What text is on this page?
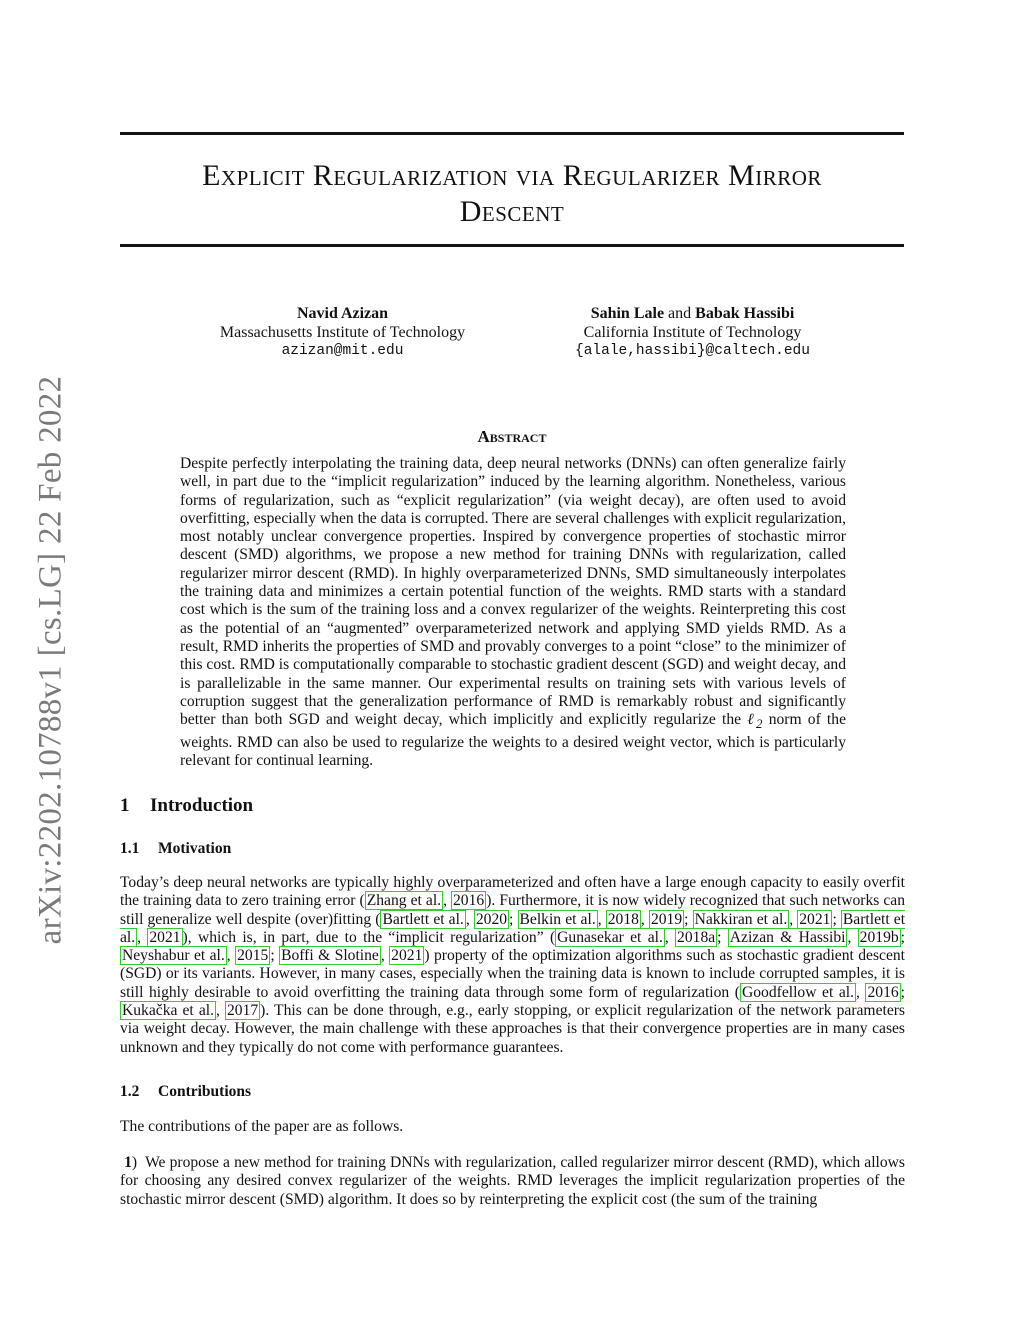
arXiv:2202.10788v1 [cs.LG] 22 Feb 2022
Explicit Regularization via Regularizer Mirror
Descent
Navid Azizan
Massachusetts Institute of Technology
azizan@mit.edu
Sahin Lale and Babak Hassibi
California Institute of Technology
{alale,hassibi}@caltech.edu
Abstract

Despite perfectly interpolating the training data, deep neural networks (DNNs) can often generalize fairly well, in part due to the “implicit regularization” induced by the learning algorithm. Nonetheless, various forms of regularization, such as “explicit regularization” (via weight decay), are often used to avoid overfitting, especially when the data is corrupted. There are several challenges with explicit regularization, most notably unclear convergence properties. Inspired by convergence properties of stochastic mirror descent (SMD) algorithms, we propose a new method for training DNNs with regularization, called regularizer mirror descent (RMD). In highly overparameterized DNNs, SMD simultaneously interpolates the training data and minimizes a certain potential function of the weights. RMD starts with a standard cost which is the sum of the training loss and a convex regularizer of the weights. Reinterpreting this cost as the potential of an “augmented” overparameterized network and applying SMD yields RMD. As a result, RMD inherits the properties of SMD and provably converges to a point “close” to the minimizer of this cost. RMD is computationally comparable to stochastic gradient descent (SGD) and weight decay, and is parallelizable in the same manner. Our experimental results on training sets with various levels of corruption suggest that the generalization performance of RMD is remarkably robust and significantly better than both SGD and weight decay, which implicitly and explicitly regularize the ℓ$_2$ norm of the weights. RMD can also be used to regularize the weights to a desired weight vector, which is particularly relevant for continual learning.

1 Introduction
1.1 Motivation

Today’s deep neural networks are typically highly overparameterized and often have a large enough capacity to easily overfit the training data to zero training error ( Zhang et al. , 2016 ). Furthermore, it is now widely recognized that such networks can still generalize well despite (over)fitting ( Bartlett et al. , 2020 ; Belkin et al. , 2018 , 2019 ; Nakkiran et al. , 2021 ; Bartlett et al. , 2021 ), which is, in part, due to the “implicit regularization” ( Gunasekar et al. , 2018a ; Azizan & Hassibi , 2019b ; Neyshabur et al. , 2015 ; Boffi & Slotine , 2021 ) property of the optimization algorithms such as stochastic gradient descent (SGD) or its variants. However, in many cases, especially when the training data is known to include corrupted samples, it is still highly desirable to avoid overfitting the training data through some form of regularization ( Goodfellow et al. , 2016 ; Kukačka et al. , 2017 ). This can be done through, e.g., early stopping, or explicit regularization of the network parameters via weight decay. However, the main challenge with these approaches is that their convergence properties are in many cases unknown and they typically do not come with performance guarantees.

1.2 Contributions

The contributions of the paper are as follows.

1) We propose a new method for training DNNs with regularization, called regularizer mirror descent (RMD), which allows for choosing any desired convex regularizer of the weights. RMD leverages the implicit regularization properties of the stochastic mirror descent (SMD) algorithm. It does so by reinterpreting the explicit cost (the sum of the training
